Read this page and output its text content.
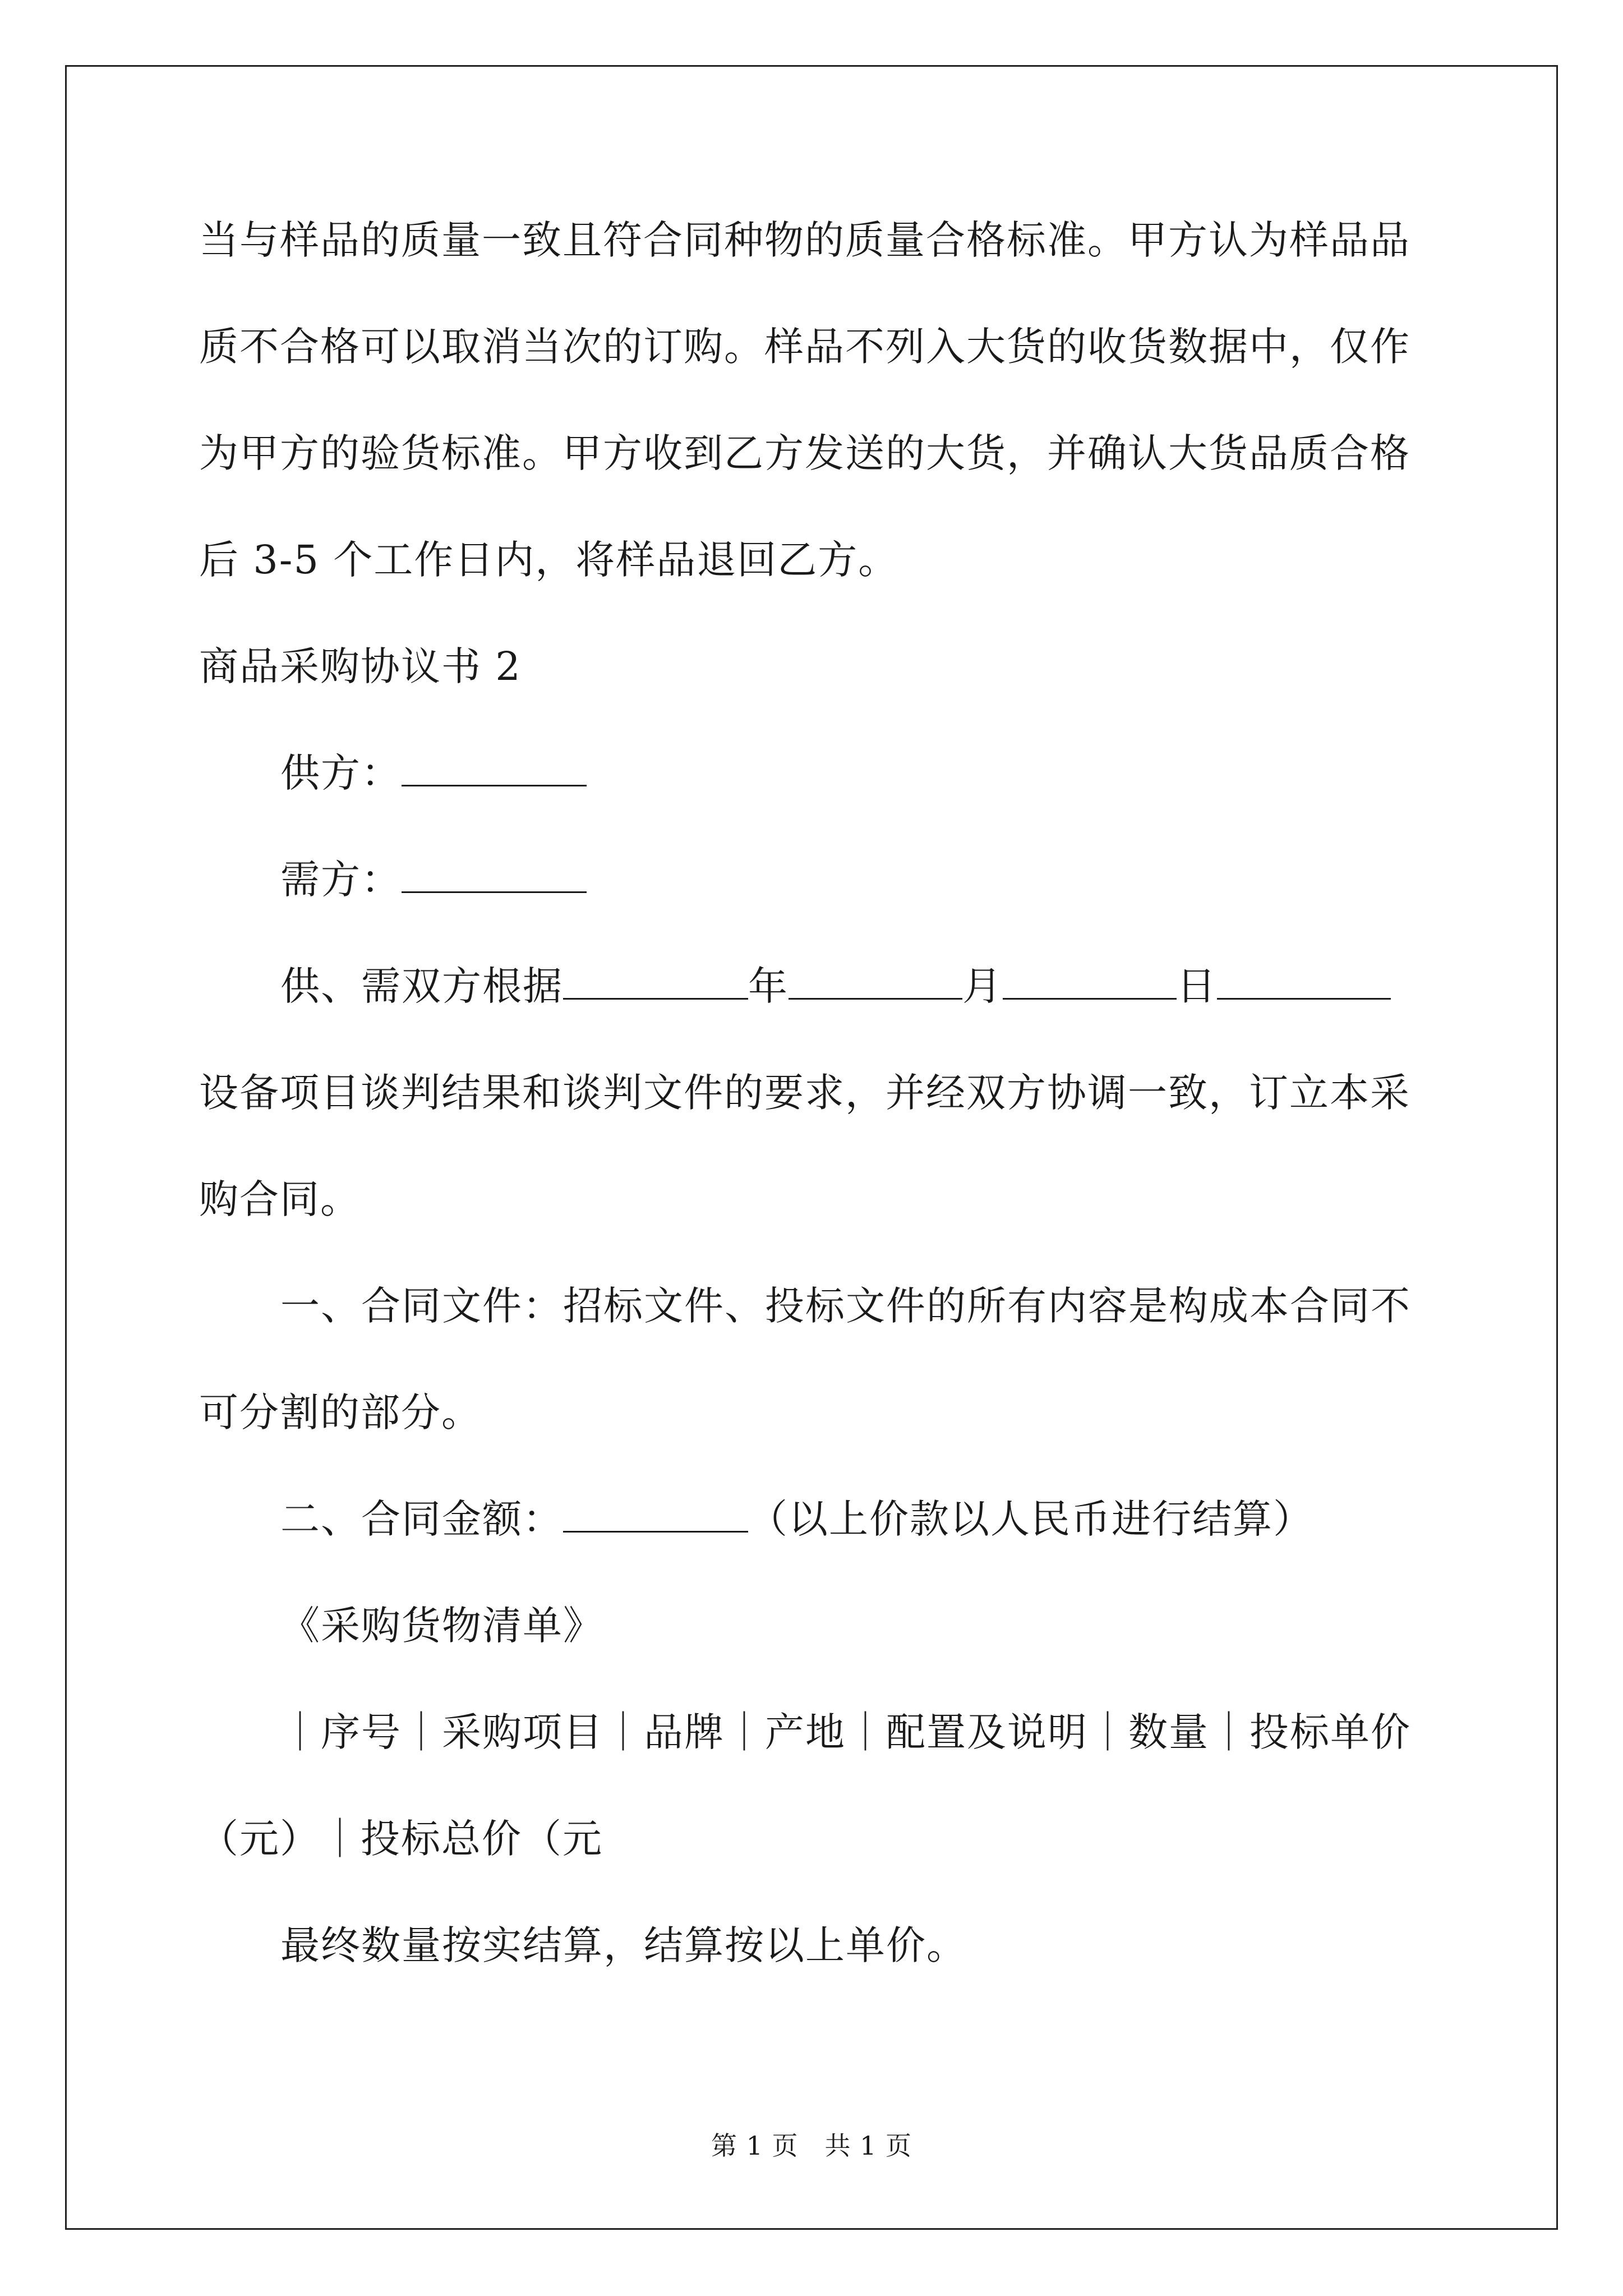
当与样品的质量一致且符合同种物的质量合格标准。甲方认为样品品
质不合格可以取消当次的订购。样品不列入大货的收货数据中，仅作
为甲方的验货标准。甲方收到乙方发送的大货，并确认大货品质合格
后 3-5 个工作日内，将样品退回乙方。
商品采购协议书 2
供方：
需方：
供、需双方根据	年	月	日
设备项目谈判结果和谈判文件的要求，并经双方协调一致，订立本采
购合同。
一、合同文件：招标文件、投标文件的所有内容是构成本合同不
可分割的部分。
二、合同金额：	（以上价款以人民币进行结算）
《采购货物清单》
｜序号｜采购项目｜品牌｜产地｜配置及说明｜数量｜投标单价
（元）｜投标总价（元
最终数量按实结算，结算按以上单价。
第 1 页　共 1 页
